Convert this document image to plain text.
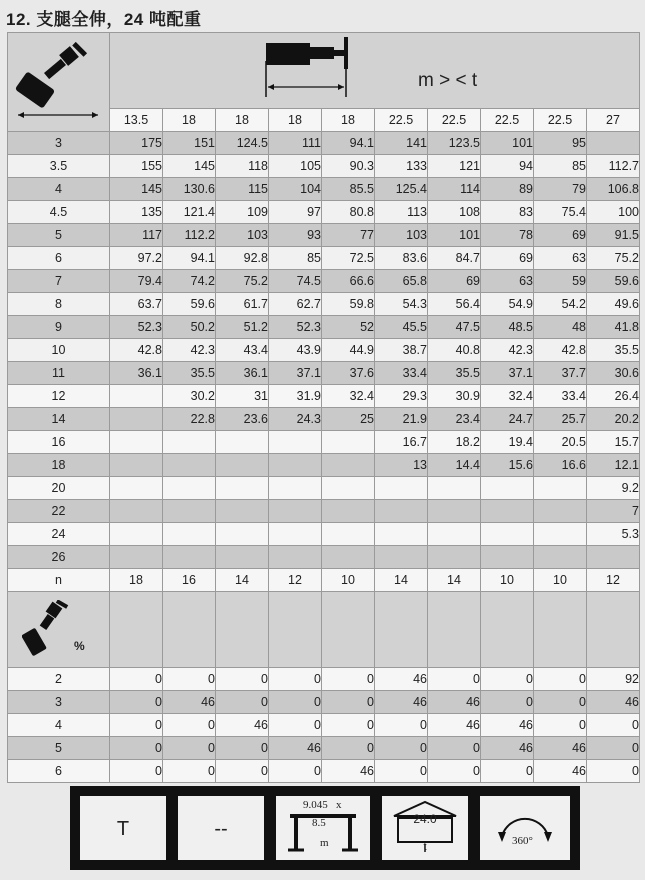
12. 支腿全伸，24 吨配重

m > < t									

	13.5	18	18	18	18	22.5	22.5	22.5	22.5	27
3	175	151	124.5	111	94.1	141	123.5	101	95	
3.5	155	145	118	105	90.3	133	121	94	85	112.7
4	145	130.6	115	104	85.5	125.4	114	89	79	106.8
4.5	135	121.4	109	97	80.8	113	108	83	75.4	100
5	117	112.2	103	93	77	103	101	78	69	91.5
6	97.2	94.1	92.8	85	72.5	83.6	84.7	69	63	75.2
7	79.4	74.2	75.2	74.5	66.6	65.8	69	63	59	59.6
8	63.7	59.6	61.7	62.7	59.8	54.3	56.4	54.9	54.2	49.6
9	52.3	50.2	51.2	52.3	52	45.5	47.5	48.5	48	41.8
10	42.8	42.3	43.4	43.9	44.9	38.7	40.8	42.3	42.8	35.5
11	36.1	35.5	36.1	37.1	37.6	33.4	35.5	37.1	37.7	30.6
12		30.2	31	31.9	32.4	29.3	30.9	32.4	33.4	26.4
14		22.8	23.6	24.3	25	21.9	23.4	24.7	25.7	20.2
16						16.7	18.2	19.4	20.5	15.7
18						13	14.4	15.6	16.6	12.1
20										9.2
22										7
24										5.3
26										
n	18	16	14	12	10	14	14	10	10	12

%										

2	0	0	0	0	0	46	0	0	0	92
3	0	46	0	0	0	46	46	0	0	46
4	0	0	46	0	0	0	46	46	0	0
5	0	0	0	46	0	0	0	46	46	0
6	0	0	0	0	46	0	0	0	46	0
T	--
9.045 x
8.5
m
24.0
t	360°
